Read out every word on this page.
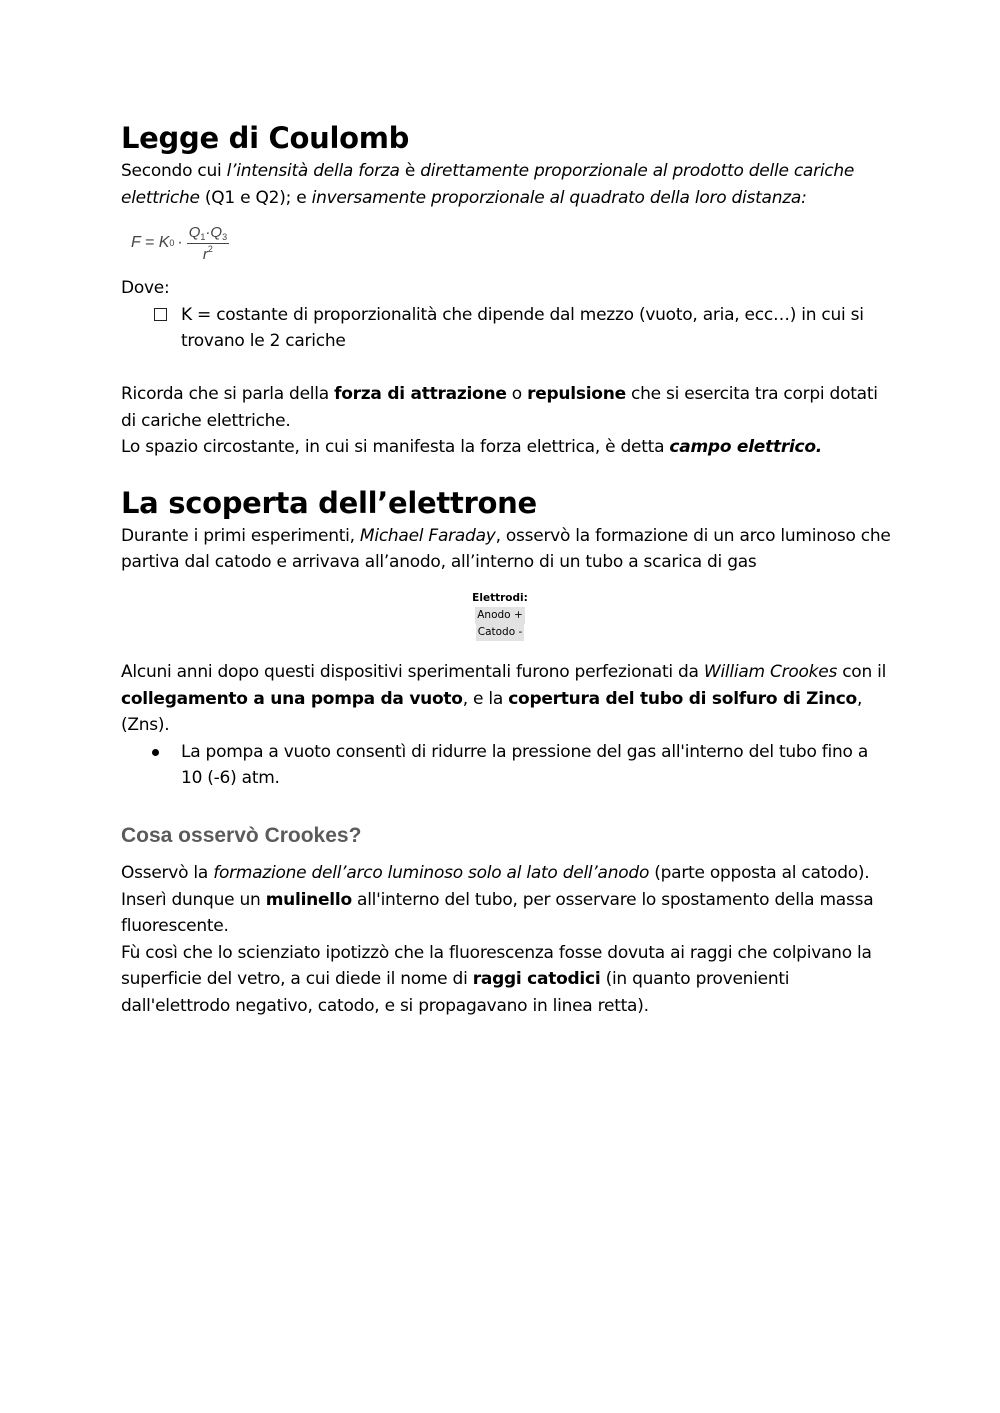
Legge di Coulomb

Secondo cui l’intensità della forza è direttamente proporzionale al prodotto delle cariche elettriche (Q1 e Q2); e inversamente proporzionale al quadrato della loro distanza:

F = K $0 \cdot \frac{Q_1\cdot Q_3}{r^2}$

Dove:

K = costante di proporzionalità che dipende dal mezzo (vuoto, aria, ecc…) in cui si trovano le 2 cariche

Ricorda che si parla della forza di attrazione o repulsione che si esercita tra corpi dotati di cariche elettriche.

Lo spazio circostante, in cui si manifesta la forza elettrica, è detta campo elettrico.

La scoperta dell’elettrone

Durante i primi esperimenti, Michael Faraday, osservò la formazione di un arco luminoso che partiva dal catodo e arrivava all’anodo, all’interno di un tubo a scarica di gas

Elettrodi:
Anodo +
Catodo -

Alcuni anni dopo questi dispositivi sperimentali furono perfezionati da William Crookes con il collegamento a una pompa da vuoto, e la copertura del tubo di solfuro di Zinco, (Zns).

La pompa a vuoto consentì di ridurre la pressione del gas all'interno del tubo fino a 10 (-6) atm.
Cosa osservò Crookes?

Osservò la formazione dell’arco luminoso solo al lato dell’anodo (parte opposta al catodo).

Inserì dunque un mulinello all'interno del tubo, per osservare lo spostamento della massa fluorescente.

Fù così che lo scienziato ipotizzò che la fluorescenza fosse dovuta ai raggi che colpivano la superficie del vetro, a cui diede il nome di raggi catodici (in quanto provenienti dall'elettrodo negativo, catodo, e si propagavano in linea retta).
